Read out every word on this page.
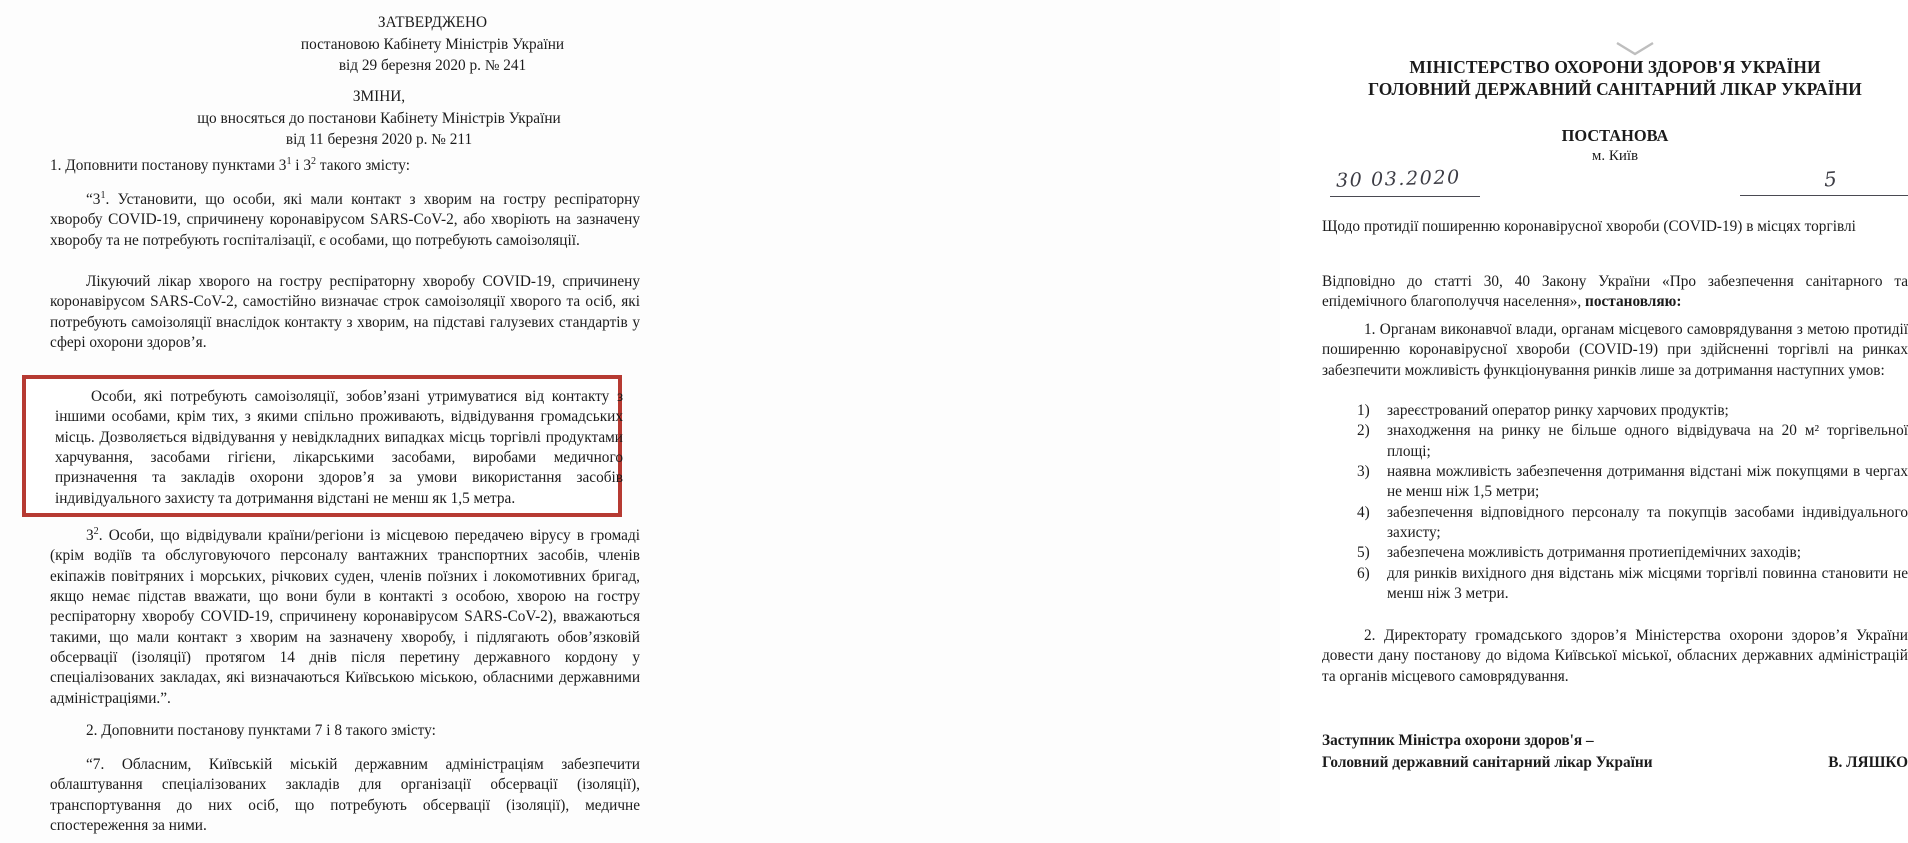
ЗАТВЕРДЖЕНО
постановою Кабінету Міністрів України
від 29 березня 2020 р. № 241
ЗМІНИ,
що вносяться до постанови Кабінету Міністрів України
від 11 березня 2020 р. № 211
1. Доповнити постанову пунктами $3^1$ і $3^2$ такого змісту:
“$3^1$. Установити, що особи, які мали контакт з хворим на гостру респіраторну хворобу COVID-19, спричинену коронавірусом SARS-CoV-2, або хворіють на зазначену хворобу та не потребують госпіталізації, є особами, що потребують самоізоляції.
Лікуючий лікар хворого на гостру респіраторну хворобу COVID-19, спричинену коронавірусом SARS-CoV-2, самостійно визначає строк самоізоляції хворого та осіб, які потребують самоізоляції внаслідок контакту з хворим, на підставі галузевих стандартів у сфері охорони здоров’я.
Особи, які потребують самоізоляції, зобов’язані утримуватися від контакту з іншими особами, крім тих, з якими спільно проживають, відвідування громадських місць. Дозволяється відвідування у невідкладних випадках місць торгівлі продуктами харчування, засобами гігієни, лікарськими засобами, виробами медичного призначення та закладів охорони здоров’я за умови використання засобів індивідуального захисту та дотримання відстані не менш як 1,5 метра.
$3^2$. Особи, що відвідували країни/регіони із місцевою передачею вірусу в громаді (крім водіїв та обслуговуючого персоналу вантажних транспортних засобів, членів екіпажів повітряних і морських, річкових суден, членів поїзних і локомотивних бригад, якщо немає підстав вважати, що вони були в контакті з особою, хворою на гостру респіраторну хворобу COVID-19, спричинену коронавірусом SARS-CoV-2), вважаються такими, що мали контакт з хворим на зазначену хворобу, і підлягають обов’язковій обсервації (ізоляції) протягом 14 днів після перетину державного кордону у спеціалізованих закладах, які визначаються Київською міською, обласними державними адміністраціями.”.
2. Доповнити постанову пунктами 7 і 8 такого змісту:
“7. Обласним, Київській міській державним адміністраціям забезпечити облаштування спеціалізованих закладів для організації обсервації (ізоляції), транспортування до них осіб, що потребують обсервації (ізоляції), медичне спостереження за ними.
МІНІСТЕРСТВО ОХОРОНИ ЗДОРОВ'Я УКРАЇНИ
ГОЛОВНИЙ ДЕРЖАВНИЙ САНІТАРНИЙ ЛІКАР УКРАЇНИ
ПОСТАНОВА
м. Київ
30 03.2020	5
Щодо протидії поширенню коронавірусної хвороби (COVID-19) в місцях торгівлі
Відповідно до статті 30, 40 Закону України «Про забезпечення санітарного та епідемічного благополуччя населення», постановляю:
1. Органам виконавчої влади, органам місцевого самоврядування з метою протидії поширенню коронавірусної хвороби (COVID-19) при здійсненні торгівлі на ринках забезпечити можливість функціонування ринків лише за дотримання наступних умов:
1) зареєстрований оператор ринку харчових продуктів;
2) знаходження на ринку не більше одного відвідувача на 20 м² торгівельної площі;
3) наявна можливість забезпечення дотримання відстані між покупцями в чергах не менш ніж 1,5 метри;
4) забезпечення відповідного персоналу та покупців засобами індивідуального захисту;
5) забезпечена можливість дотримання протиепідемічних заходів;
6) для ринків вихідного дня відстань між місцями торгівлі повинна становити не менш ніж 3 метри.
2. Директорату громадського здоров’я Міністерства охорони здоров’я України довести дану постанову до відома Київської міської, обласних державних адміністрацій та органів місцевого самоврядування.
Заступник Міністра охорони здоров'я –
Головний державний санітарний лікар України	В. ЛЯШКО
